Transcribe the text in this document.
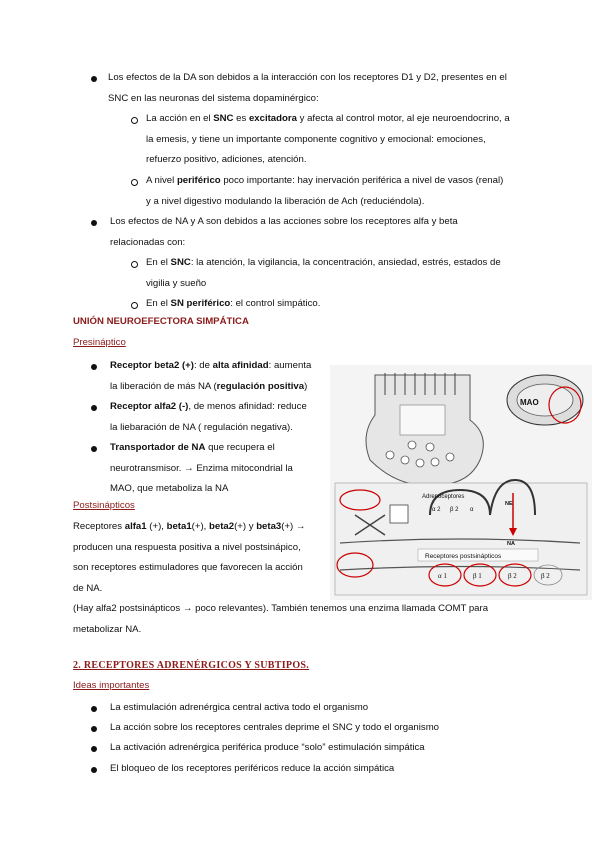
Los efectos de la DA son debidos a la interacción con los receptores D1 y D2, presentes en el
SNC en las neuronas del sistema dopaminérgico:
La acción en el SNC es excitadora y afecta al control motor, al eje neuroendocrino, a
la emesis, y tiene un importante componente cognitivo y emocional: emociones,
refuerzo positivo, adiciones, atención.
A nivel periférico poco importante: hay inervación periférica a nivel de vasos (renal)
y a nivel digestivo modulando la liberación de Ach (reduciéndola).
Los efectos de NA y A son debidos a las acciones sobre los receptores alfa y beta
relacionadas con:
En el SNC: la atención, la vigilancia, la concentración, ansiedad, estrés, estados de
vigilia y sueño
En el SN periférico: el control simpático.
UNIÓN NEUROEFECTORA SIMPÁTICA
Presináptico
Receptor beta2 (+): de alta afinidad: aumenta
la liberación de más NA (regulación positiva)
Receptor alfa2 (-), de menos afinidad: reduce
la liebaración de NA ( regulación negativa).
Transportador de NA que recupera el
neurotransmisor. → Enzima mitocondrial la
MAO, que metaboliza la NA
Postsinápticos
Receptores alfa1 (+), beta1(+), beta2(+) y beta3(+) →
producen una respuesta positiva a nivel postsinápico,
son receptores estimuladores que favorecen la acción
de NA.
(Hay alfa2 postsinápticos → poco relevantes). También tenemos una enzima llamada COMT para
metabolizar NA.
2. RECEPTORES ADRENÉRGICOS Y SUBTIPOS.
Ideas importantes
La estimulación adrenérgica central activa todo el organismo
La acción sobre los receptores centrales deprime el SNC y todo el organismo
La activación adrenérgica periférica produce “solo” estimulación simpática
El bloqueo de los receptores periféricos reduce la acción simpática
MAO
Adrenoceptores
α 2 β 2 α
NE
NA
Receptores postsinápticos
α 1	β 1	β 2	β 2
